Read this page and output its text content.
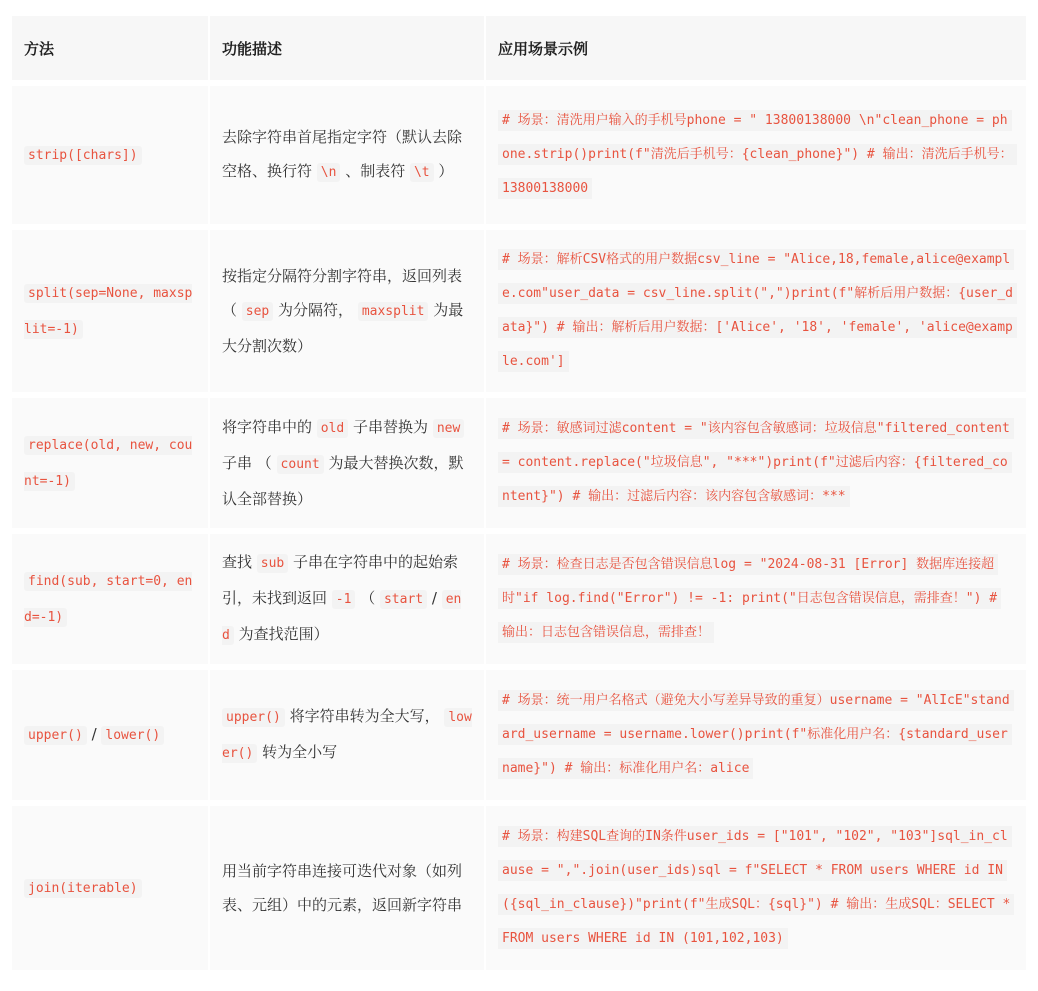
方法	功能描述	应用场景示例
strip([chars])	去除字符串首尾指定字符（默认去除空格、换行符 \n 、制表符 \t ）	# 场景：清洗用户输入的手机号phone = " 13800138000 \n"clean_phone = phone.strip()print(f"清洗后手机号：{clean_phone}") # 输出：清洗后手机号：13800138000

split(sep=None, maxsplit=-1)	按指定分隔符分割字符串，返回列表 （ sep 为分隔符， maxsplit 为最大分割次数）	# 场景：解析CSV格式的用户数据csv_line = "Alice,18,female,alice@example.com"user_data = csv_line.split(",")print(f"解析后用户数据：{user_data}") # 输出：解析后用户数据：['Alice', '18', 'female', 'alice@example.com']

replace(old, new, count=-1)	将字符串中的 old 子串替换为 new 子串 （ count 为最大替换次数，默认全部替换）	# 场景：敏感词过滤content = "该内容包含敏感词：垃圾信息"filtered_content = content.replace("垃圾信息", "***")print(f"过滤后内容：{filtered_content}") # 输出：过滤后内容：该内容包含敏感词：***

find(sub, start=0, end=-1)	查找 sub 子串在字符串中的起始索引，未找到返回 -1 （ start / end 为查找范围）	# 场景：检查日志是否包含错误信息log = "2024-08-31 [Error] 数据库连接超时"if log.find("Error") != -1: print("日志包含错误信息，需排查！") # 输出：日志包含错误信息，需排查！

upper() / lower()	upper() 将字符串转为全大写， lower() 转为全小写	# 场景：统一用户名格式（避免大小写差异导致的重复）username = "AlIcE"standard_username = username.lower()print(f"标准化用户名：{standard_username}") # 输出：标准化用户名：alice

join(iterable)	用当前字符串连接可迭代对象（如列表、元组）中的元素，返回新字符串	# 场景：构建SQL查询的IN条件user_ids = ["101", "102", "103"]sql_in_clause = ",".join(user_ids)sql = f"SELECT * FROM users WHERE id IN ({sql_in_clause})"print(f"生成SQL：{sql}") # 输出：生成SQL：SELECT * FROM users WHERE id IN (101,102,103)
